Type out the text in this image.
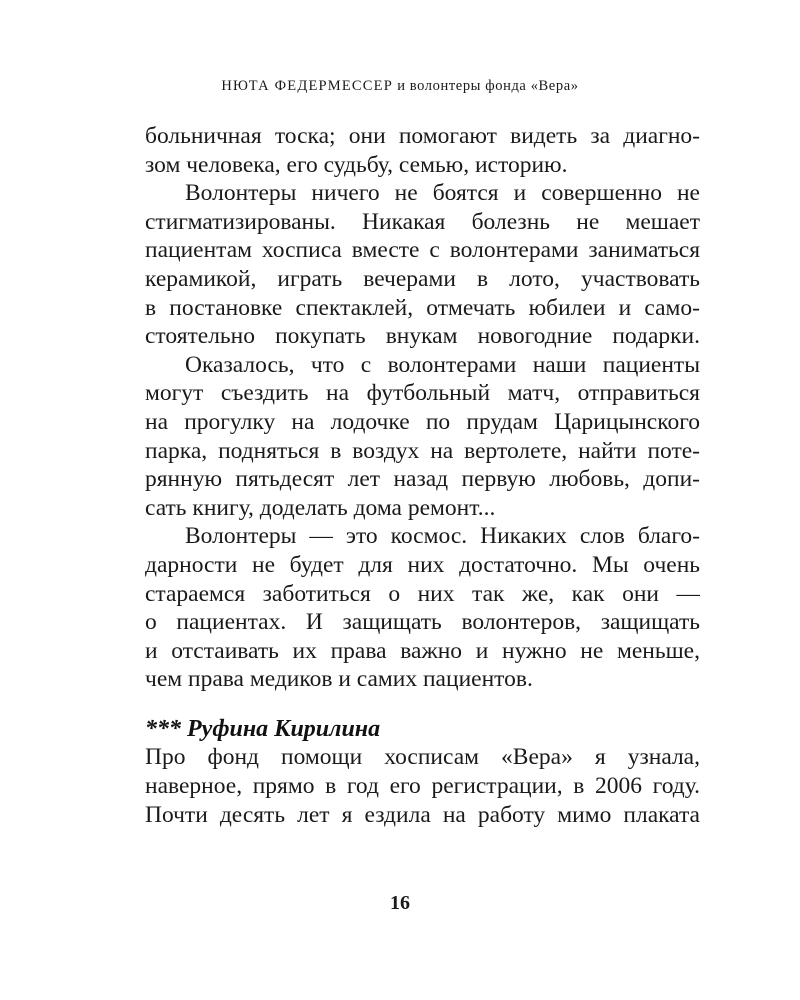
НЮТА ФЕДЕРМЕССЕР и волонтеры фонда «Вера»
больничная тоска; они помогают видеть за диагно-
зом человека, его судьбу, семью, историю.
Волонтеры ничего не боятся и совершенно не
стигматизированы. Никакая болезнь не мешает
пациентам хосписа вместе с волонтерами заниматься
керамикой, играть вечерами в лото, участвовать
в постановке спектаклей, отмечать юбилеи и само-
стоятельно покупать внукам новогодние подарки.
Оказалось, что с волонтерами наши пациенты
могут съездить на футбольный матч, отправиться
на прогулку на лодочке по прудам Царицынского
парка, подняться в воздух на вертолете, найти поте-
рянную пятьдесят лет назад первую любовь, допи-
сать книгу, доделать дома ремонт...
Волонтеры — это космос. Никаких слов благо-
дарности не будет для них достаточно. Мы очень
стараемся заботиться о них так же, как они —
о пациентах. И защищать волонтеров, защищать
и отстаивать их права важно и нужно не меньше,
чем права медиков и самих пациентов.
*** Руфина Кирилина
Про фонд помощи хосписам «Вера» я узнала,
наверное, прямо в год его регистрации, в 2006 году.
Почти десять лет я ездила на работу мимо плаката
16
